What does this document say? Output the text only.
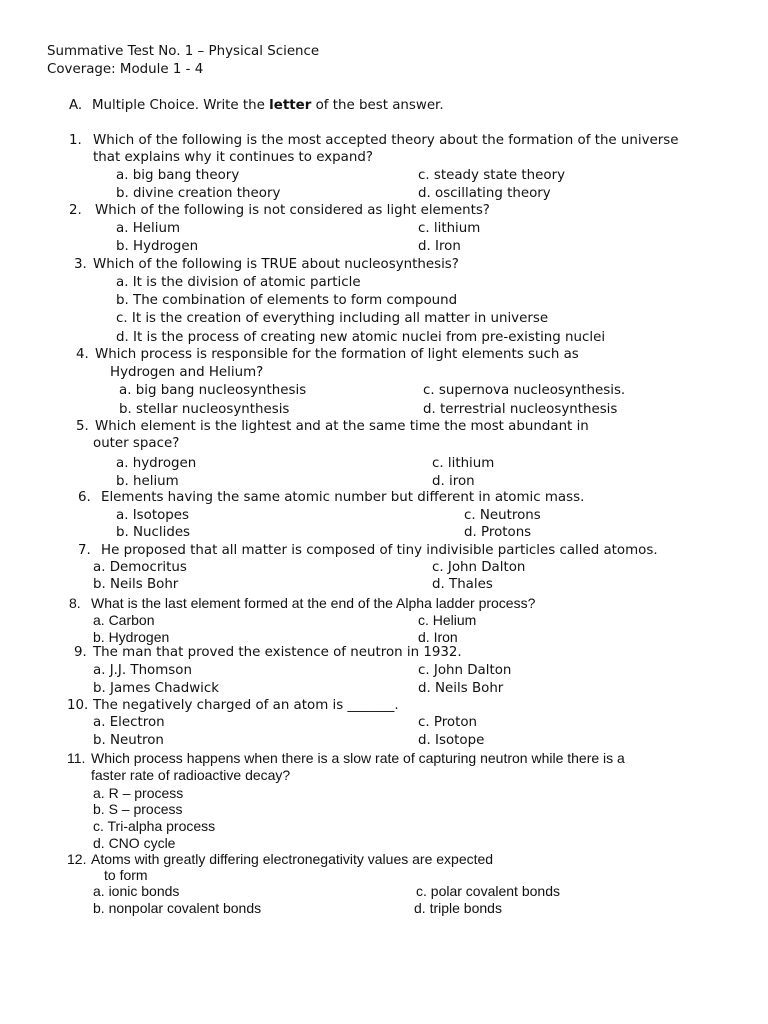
Summative Test No. 1 – Physical Science
Coverage: Module 1 - 4
A. Multiple Choice. Write the letter of the best answer.
1. Which of the following is the most accepted theory about the formation of the universe
that explains why it continues to expand?
a. big bang theory
b. divine creation theory
c. steady state theory
d. oscillating theory
2. Which of the following is not considered as light elements?
a. Helium
b. Hydrogen
c. lithium
d. Iron
3. Which of the following is TRUE about nucleosynthesis?
a. It is the division of atomic particle
b. The combination of elements to form compound
c. It is the creation of everything including all matter in universe
d. It is the process of creating new atomic nuclei from pre-existing nuclei
4. Which process is responsible for the formation of light elements such as
Hydrogen and Helium?
a. big bang nucleosynthesis
b. stellar nucleosynthesis
c. supernova nucleosynthesis.
d. terrestrial nucleosynthesis
5. Which element is the lightest and at the same time the most abundant in
outer space?
a. hydrogen
b. helium
c. lithium
d. iron
6. Elements having the same atomic number but different in atomic mass.
a. Isotopes
b. Nuclides
c. Neutrons
d. Protons
7. He proposed that all matter is composed of tiny indivisible particles called atomos.
a. Democritus
b. Neils Bohr
c. John Dalton
d. Thales
8. What is the last element formed at the end of the Alpha ladder process?
a. Carbon
b. Hydrogen
c. Helium
d. Iron
9. The man that proved the existence of neutron in 1932.
a. J.J. Thomson
b. James Chadwick
c. John Dalton
d. Neils Bohr
10. The negatively charged of an atom is _______.
a. Electron
b. Neutron
c. Proton
d. Isotope
11. Which process happens when there is a slow rate of capturing neutron while there is a
faster rate of radioactive decay?
a. R – process
b. S – process
c. Tri-alpha process
d. CNO cycle
12. Atoms with greatly differing electronegativity values are expected
to form
a. ionic bonds
b. nonpolar covalent bonds
c. polar covalent bonds
d. triple bonds
